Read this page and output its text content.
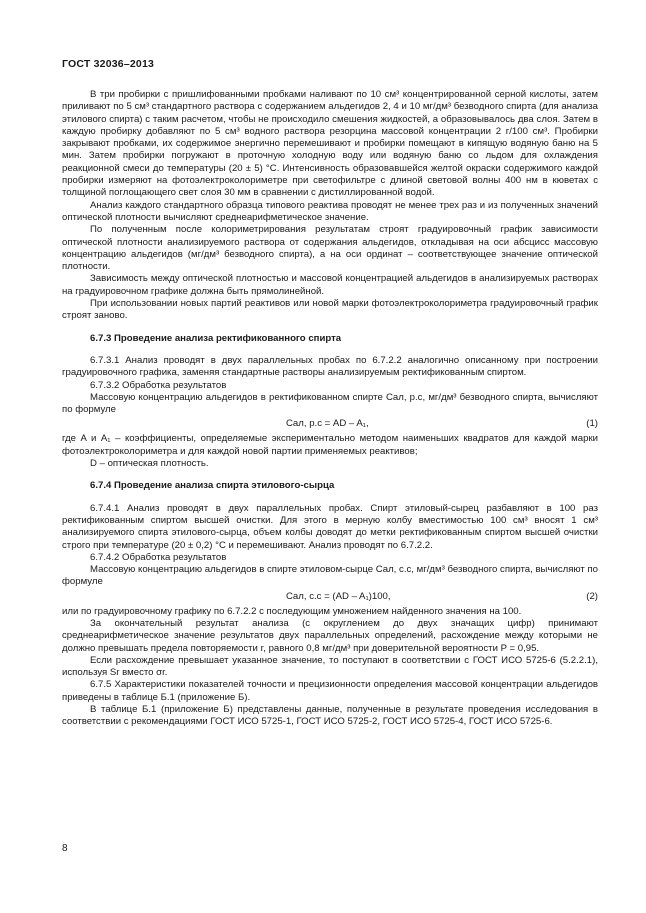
ГОСТ 32036–2013

В три пробирки с пришлифованными пробками наливают по 10 см³ концентрированной серной кислоты, затем приливают по 5 см³ стандартного раствора с содержанием альдегидов 2, 4 и 10 мг/дм³ безводного спирта (для анализа этилового спирта) с таким расчетом, чтобы не происходило смешения жидкостей, а образовывалось два слоя. Затем в каждую пробирку добавляют по 5 см³ водного раствора резорцина массовой концентрации 2 г/100 см³. Пробирки закрывают пробками, их содержимое энергично перемешивают и пробирки помещают в кипящую водяную баню на 5 мин. Затем пробирки погружают в проточную холодную воду или водяную баню со льдом для охлаждения реакционной смеси до температуры (20 ± 5) °С. Интенсивность образовавшейся желтой окраски содержимого каждой пробирки измеряют на фотоэлектроколориметре при светофильтре с длиной световой волны 400 нм в кюветах с толщиной поглощающего свет слоя 30 мм в сравнении с дистиллированной водой.

Анализ каждого стандартного образца типового реактива проводят не менее трех раз и из полученных значений оптической плотности вычисляют среднеарифметическое значение.

По полученным после колориметрирования результатам строят градуировочный график зависимости оптической плотности анализируемого раствора от содержания альдегидов, откладывая на оси абсцисс массовую концентрацию альдегидов (мг/дм³ безводного спирта), а на оси ординат – соответствующее значение оптической плотности.

Зависимость между оптической плотностью и массовой концентрацией альдегидов в анализируемых растворах на градуировочном графике должна быть прямолинейной.

При использовании новых партий реактивов или новой марки фотоэлектроколориметра градуировочный график строят заново.

6.7.3 Проведение анализа ректификованного спирта

6.7.3.1 Анализ проводят в двух параллельных пробах по 6.7.2.2 аналогично описанному при построении градуировочного графика, заменяя стандартные растворы анализируемым ректификованным спиртом.

6.7.3.2 Обработка результатов

Массовую концентрацию альдегидов в ректификованном спирте Cал, р.с, мг/дм³ безводного спирта, вычисляют по формуле

Cал, р.с = AD – A₁,	(1)

где A и A₁ – коэффициенты, определяемые экспериментально методом наименьших квадратов для каждой марки фотоэлектроколориметра и для каждой новой партии применяемых реактивов;

D – оптическая плотность.

6.7.4 Проведение анализа спирта этилового-сырца

6.7.4.1 Анализ проводят в двух параллельных пробах. Спирт этиловый-сырец разбавляют в 100 раз ректификованным спиртом высшей очистки. Для этого в мерную колбу вместимостью 100 см³ вносят 1 см³ анализируемого спирта этилового-сырца, объем колбы доводят до метки ректификованным спиртом высшей очистки строго при температуре (20 ± 0,2) °С и перемешивают. Анализ проводят по 6.7.2.2.

6.7.4.2 Обработка результатов

Массовую концентрацию альдегидов в спирте этиловом-сырце Cал, с.с, мг/дм³ безводного спирта, вычисляют по формуле

Cал, с.с = (AD – A₁)100,	(2)

или по градуировочному графику по 6.7.2.2 с последующим умножением найденного значения на 100.

За окончательный результат анализа (с округлением до двух значащих цифр) принимают среднеарифметическое значение результатов двух параллельных определений, расхождение между которыми не должно превышать предела повторяемости r, равного 0,8 мг/дм³ при доверительной вероятности P = 0,95.

Если расхождение превышает указанное значение, то поступают в соответствии с ГОСТ ИСО 5725-6 (5.2.2.1), используя Sr вместо σr.

6.7.5 Характеристики показателей точности и прецизионности определения массовой концентрации альдегидов приведены в таблице Б.1 (приложение Б).

В таблице Б.1 (приложение Б) представлены данные, полученные в результате проведения исследования в соответствии с рекомендациями ГОСТ ИСО 5725-1, ГОСТ ИСО 5725-2, ГОСТ ИСО 5725-4, ГОСТ ИСО 5725-6.

8
